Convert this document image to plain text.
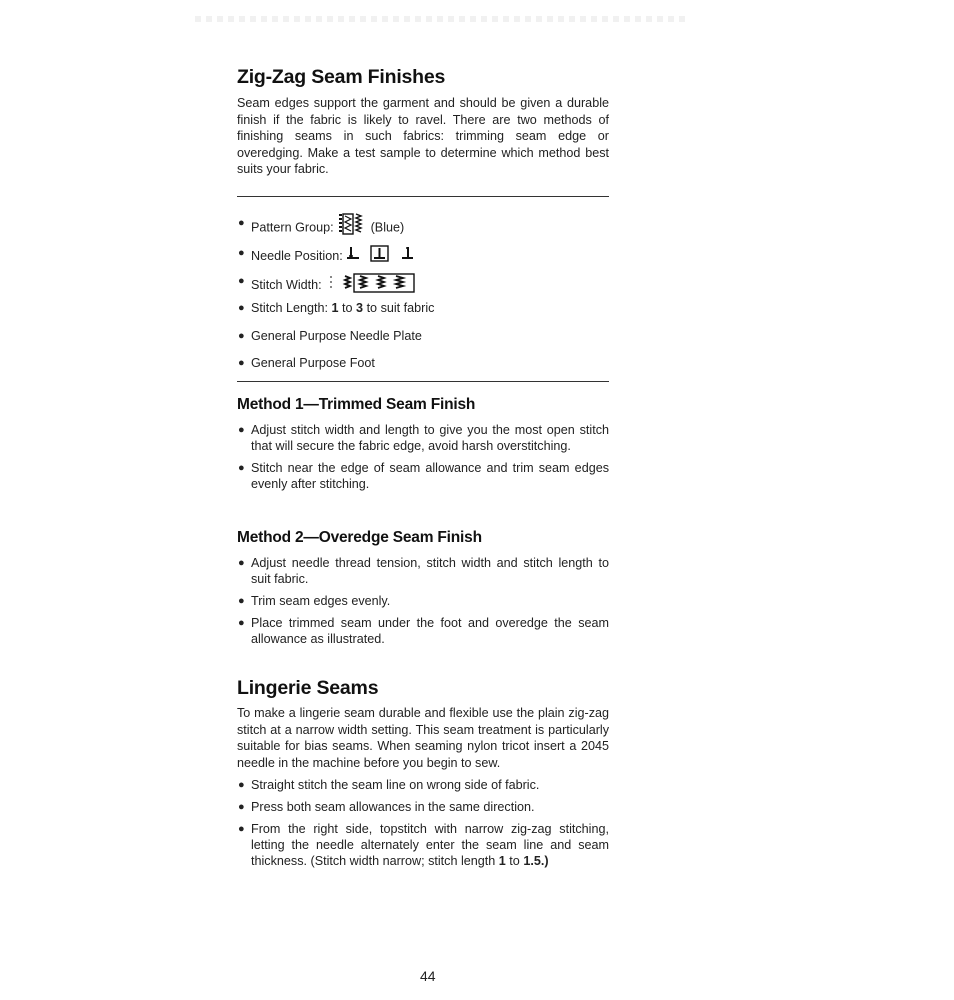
Zig-Zag Seam Finishes

Seam edges support the garment and should be given a durable finish if the fabric is likely to ravel. There are two methods of finishing seams in such fabrics: trimming seam edge or overedging. Make a test sample to determine which method best suits your fabric.

● Pattern Group:	(Blue)
● Needle Position:
● Stitch Width:
● Stitch Length: 1 to 3 to suit fabric
● General Purpose Needle Plate
● General Purpose Foot
Method 1—Trimmed Seam Finish
● Adjust stitch width and length to give you the most open stitch that will secure the fabric edge, avoid harsh overstitching.
● Stitch near the edge of seam allowance and trim seam edges evenly after stitching.
Method 2—Overedge Seam Finish
● Adjust needle thread tension, stitch width and stitch length to suit fabric.
● Trim seam edges evenly.
● Place trimmed seam under the foot and overedge the seam allowance as illustrated.
Lingerie Seams

To make a lingerie seam durable and flexible use the plain zig-zag stitch at a narrow width setting. This seam treatment is particularly suitable for bias seams. When seaming nylon tricot insert a 2045 needle in the machine before you begin to sew.

● Straight stitch the seam line on wrong side of fabric.
● Press both seam allowances in the same direction.
● From the right side, topstitch with narrow zig-zag stitching, letting the needle alternately enter the seam line and seam thickness. (Stitch width narrow; stitch length 1 to 1.5.)
44
